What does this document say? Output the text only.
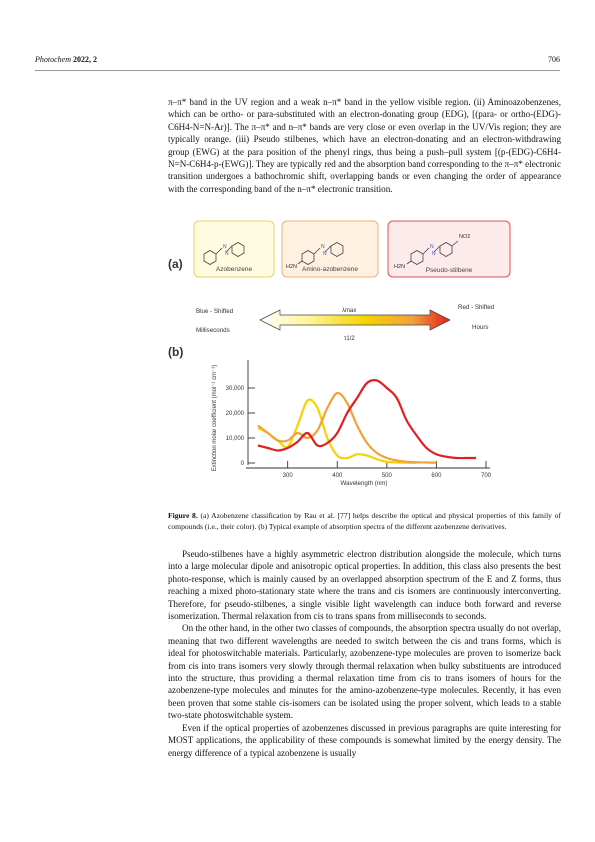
Photochem 2022, 2	706

π–π* band in the UV region and a weak n–π* band in the yellow visible region. (ii) Aminoazobenzenes, which can be ortho- or para-substituted with an electron-donating group (EDG), [(para- or ortho-(EDG)-C6H4-N=N-Ar)]. The π–π* and n–π* bands are very close or even overlap in the UV/Vis region; they are typically orange. (iii) Pseudo stilbenes, which have an electron-donating and an electron-withdrawing group (EWG) at the para position of the phenyl rings, thus being a push–pull system [(p-(EDG)-C6H4-N=N-C6H4-p-(EWG)]. They are typically red and the absorption band corresponding to the π–π* electronic transition undergoes a bathochromic shift, overlapping bands or even changing the order of appearance with the corresponding band of the n–π* electronic transition.

(a)
N
N
Azobenzene
N
N
H2N Amino-azobenzene
N
N
NO2
H2N	Pseudo-stilbene
Blue - Shifted
Milliseconds
Red - Shifted
Hours
λmax
τ1/2
(b)
Extinction molar coefficient (mol⁻¹ cm⁻¹)
Wavelength (nm)
300	400	500	600	700
0
10,000
20,000
30,000
Figure 8. (a) Azobenzene classification by Rau et al. [77] helps describe the optical and physical properties of this family of compounds (i.e., their color). (b) Typical example of absorption spectra of the different azobenzene derivatives.

Pseudo-stilbenes have a highly asymmetric electron distribution alongside the molecule, which turns into a large molecular dipole and anisotropic optical properties. In addition, this class also presents the best photo-response, which is mainly caused by an overlapped absorption spectrum of the E and Z forms, thus reaching a mixed photo-stationary state where the trans and cis isomers are continuously interconverting. Therefore, for pseudo-stilbenes, a single visible light wavelength can induce both forward and reverse isomerization. Thermal relaxation from cis to trans spans from milliseconds to seconds.

On the other hand, in the other two classes of compounds, the absorption spectra usually do not overlap, meaning that two different wavelengths are needed to switch between the cis and trans forms, which is ideal for photoswitchable materials. Particularly, azobenzene-type molecules are proven to isomerize back from cis into trans isomers very slowly through thermal relaxation when bulky substituents are introduced into the structure, thus providing a thermal relaxation time from cis to trans isomers of hours for the azobenzene-type molecules and minutes for the amino-azobenzene-type molecules. Recently, it has even been proven that some stable cis-isomers can be isolated using the proper solvent, which leads to a stable two-state photoswitchable system.

Even if the optical properties of azobenzenes discussed in previous paragraphs are quite interesting for MOST applications, the applicability of these compounds is somewhat limited by the energy density. The energy difference of a typical azobenzene is usually
